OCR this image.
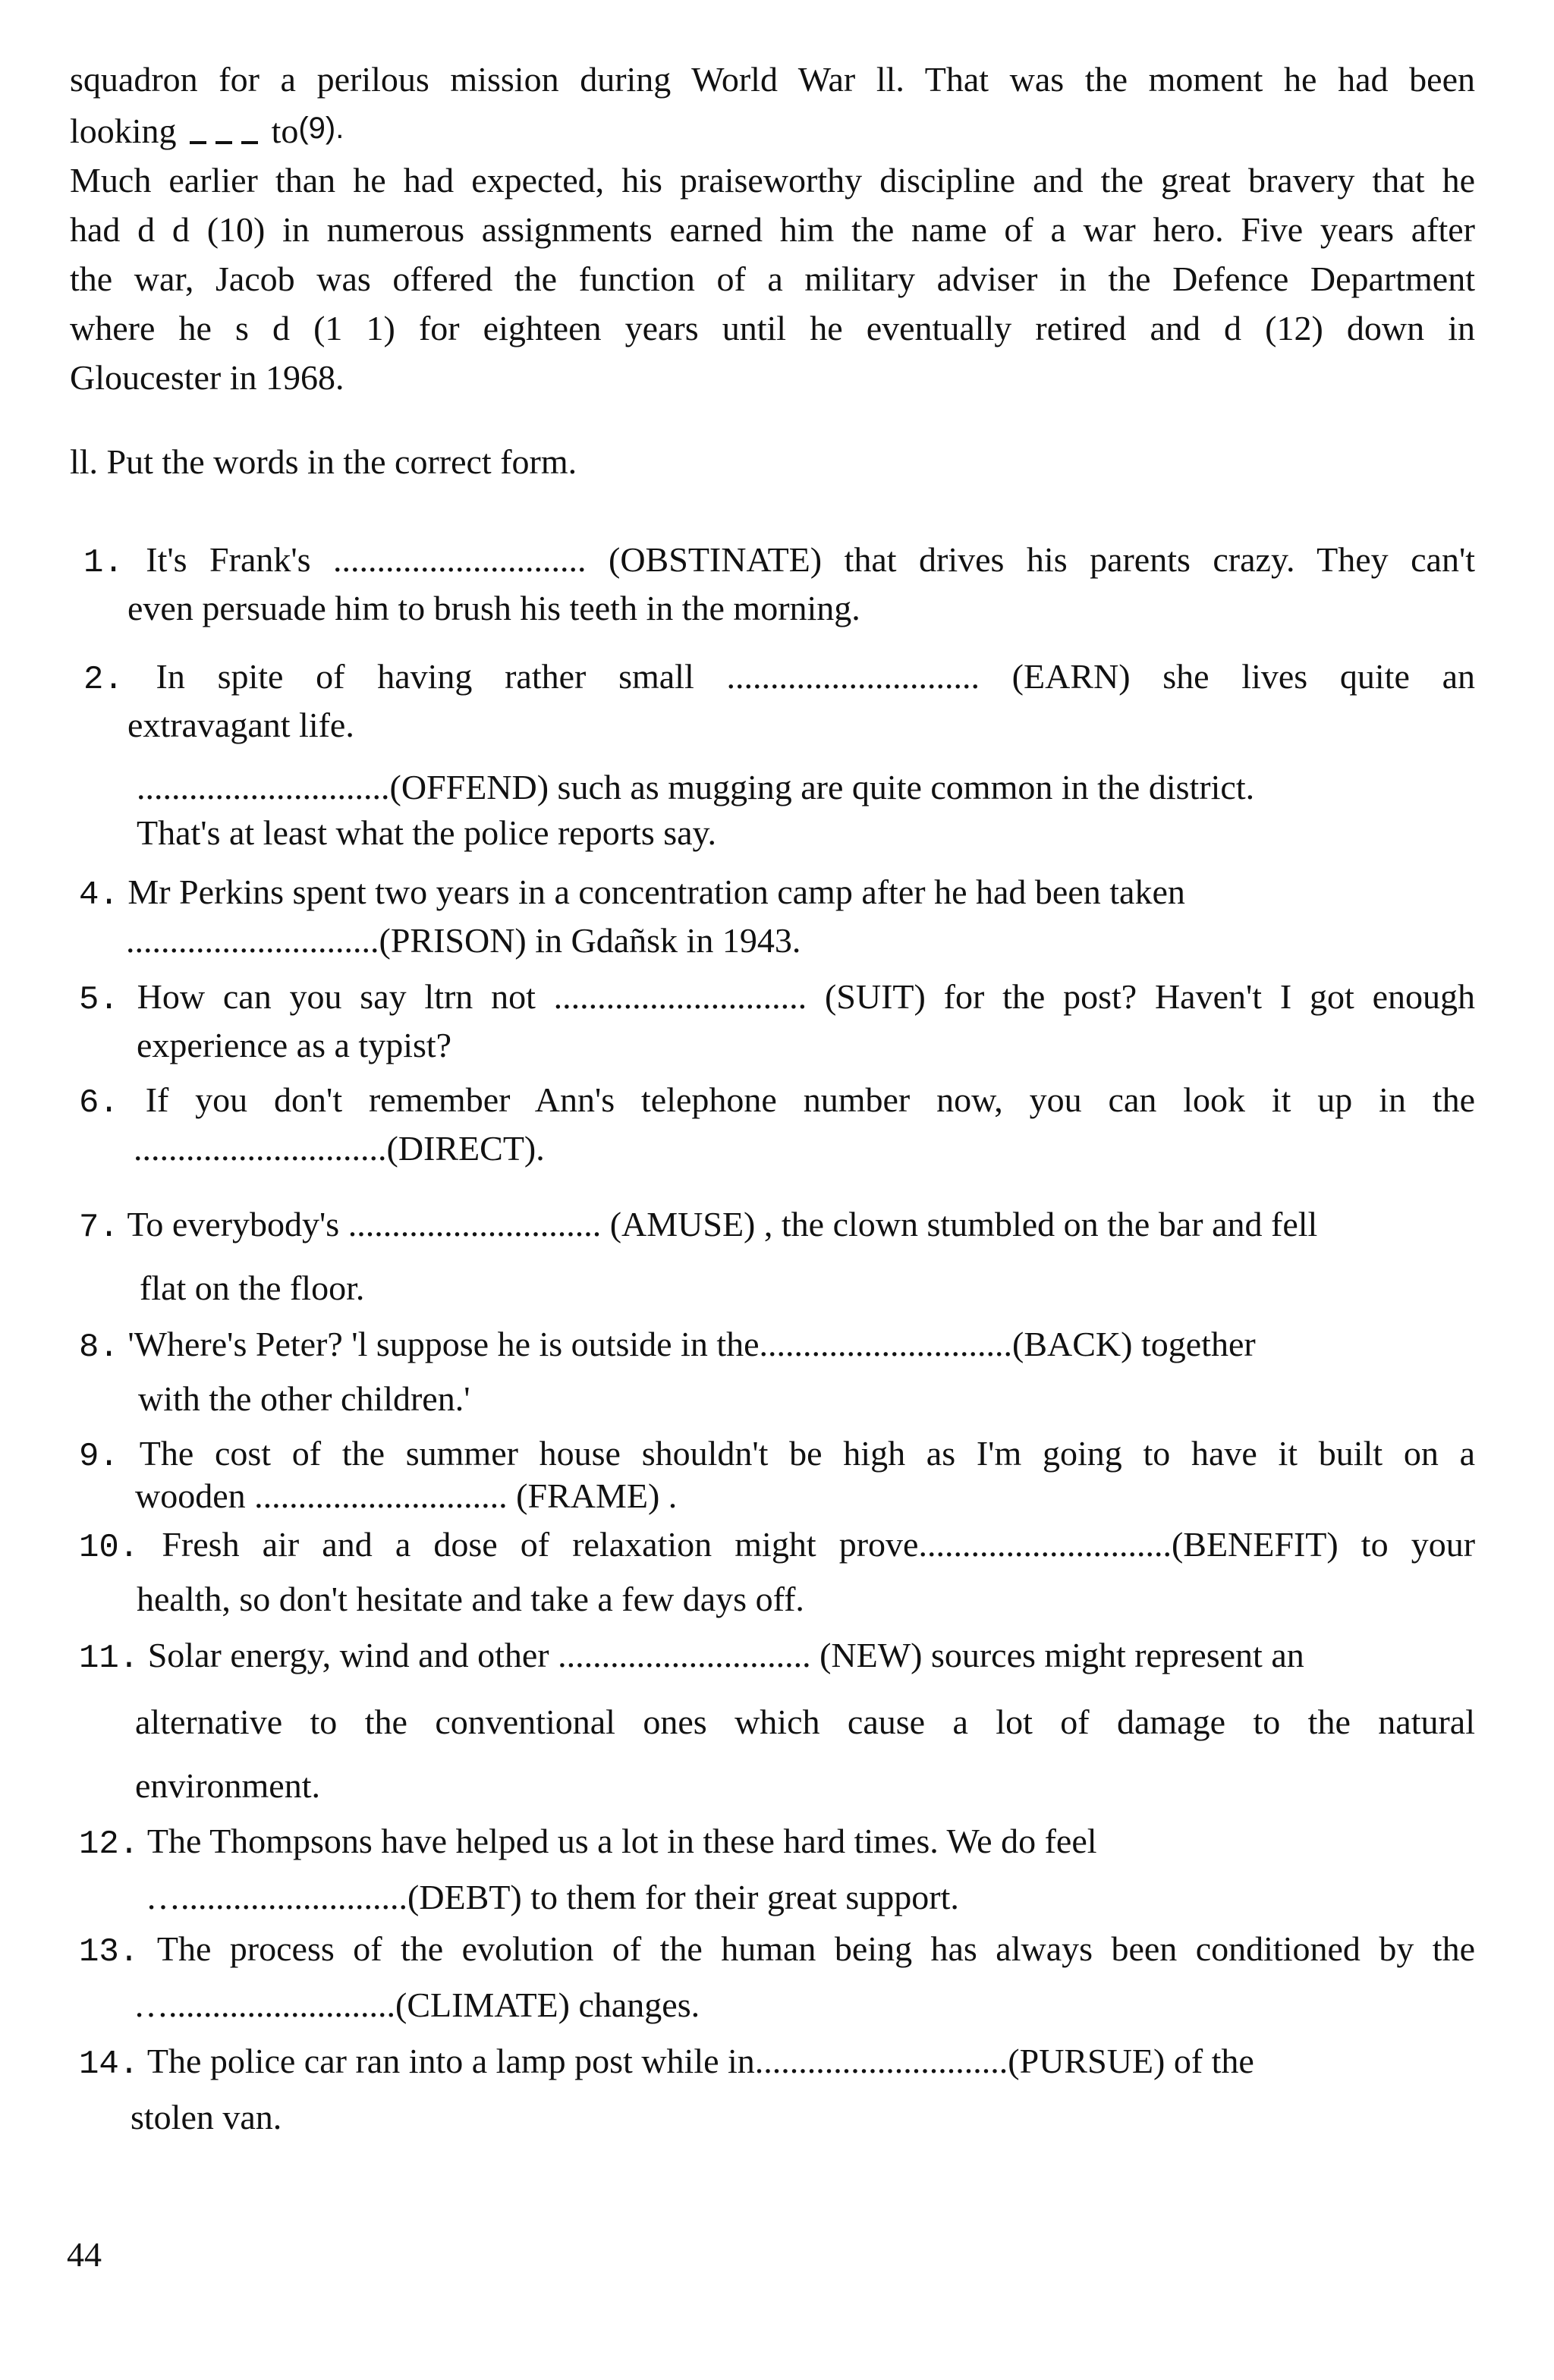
squadron for a perilous mission during World War ll. That was the moment he had been
looking	to(9).
Much earlier than he had expected, his praiseworthy discipline and the great bravery that he
had d d (10) in numerous assignments earned him the name of a war hero. Five years after
the war, Jacob was offered the function of a military adviser in the Defence Department
where he s d (1 1) for eighteen years until he eventually retired and d (12) down in
Gloucester in 1968.
ll. Put the words in the correct form.
1. It's Frank's ............................. (OBSTINATE) that drives his parents crazy. They can't
even persuade him to brush his teeth in the morning.
2. In spite of having rather small ............................. (EARN) she lives quite an
extravagant life.
.............................(OFFEND) such as mugging are quite common in the district.
That's at least what the police reports say.
4. Mr Perkins spent two years in a concentration camp after he had been taken
.............................(PRISON) in Gdañsk in 1943.
5. How can you say ltrn not ............................. (SUIT) for the post? Haven't I got enough
experience as a typist?
6. If you don't remember Ann's telephone number now, you can look it up in the
.............................(DIRECT).
7. To everybody's ............................. (AMUSE) , the clown stumbled on the bar and fell
flat on the floor.
8. 'Where's Peter? 'l suppose he is outside in the.............................(BACK) together
with the other children.'
9. The cost of the summer house shouldn't be high as I'm going to have it built on a
wooden ............................. (FRAME) .
10. Fresh air and a dose of relaxation might prove.............................(BENEFIT) to your
health, so don't hesitate and take a few days off.
11. Solar energy, wind and other ............................. (NEW) sources might represent an
alternative to the conventional ones which cause a lot of damage to the natural
environment.
12. The Thompsons have helped us a lot in these hard times. We do feel
…..........................(DEBT) to them for their great support.
13. The process of the evolution of the human being has always been conditioned by the
…..........................(CLIMATE) changes.
14. The police car ran into a lamp post while in.............................(PURSUE) of the
stolen van.
44
